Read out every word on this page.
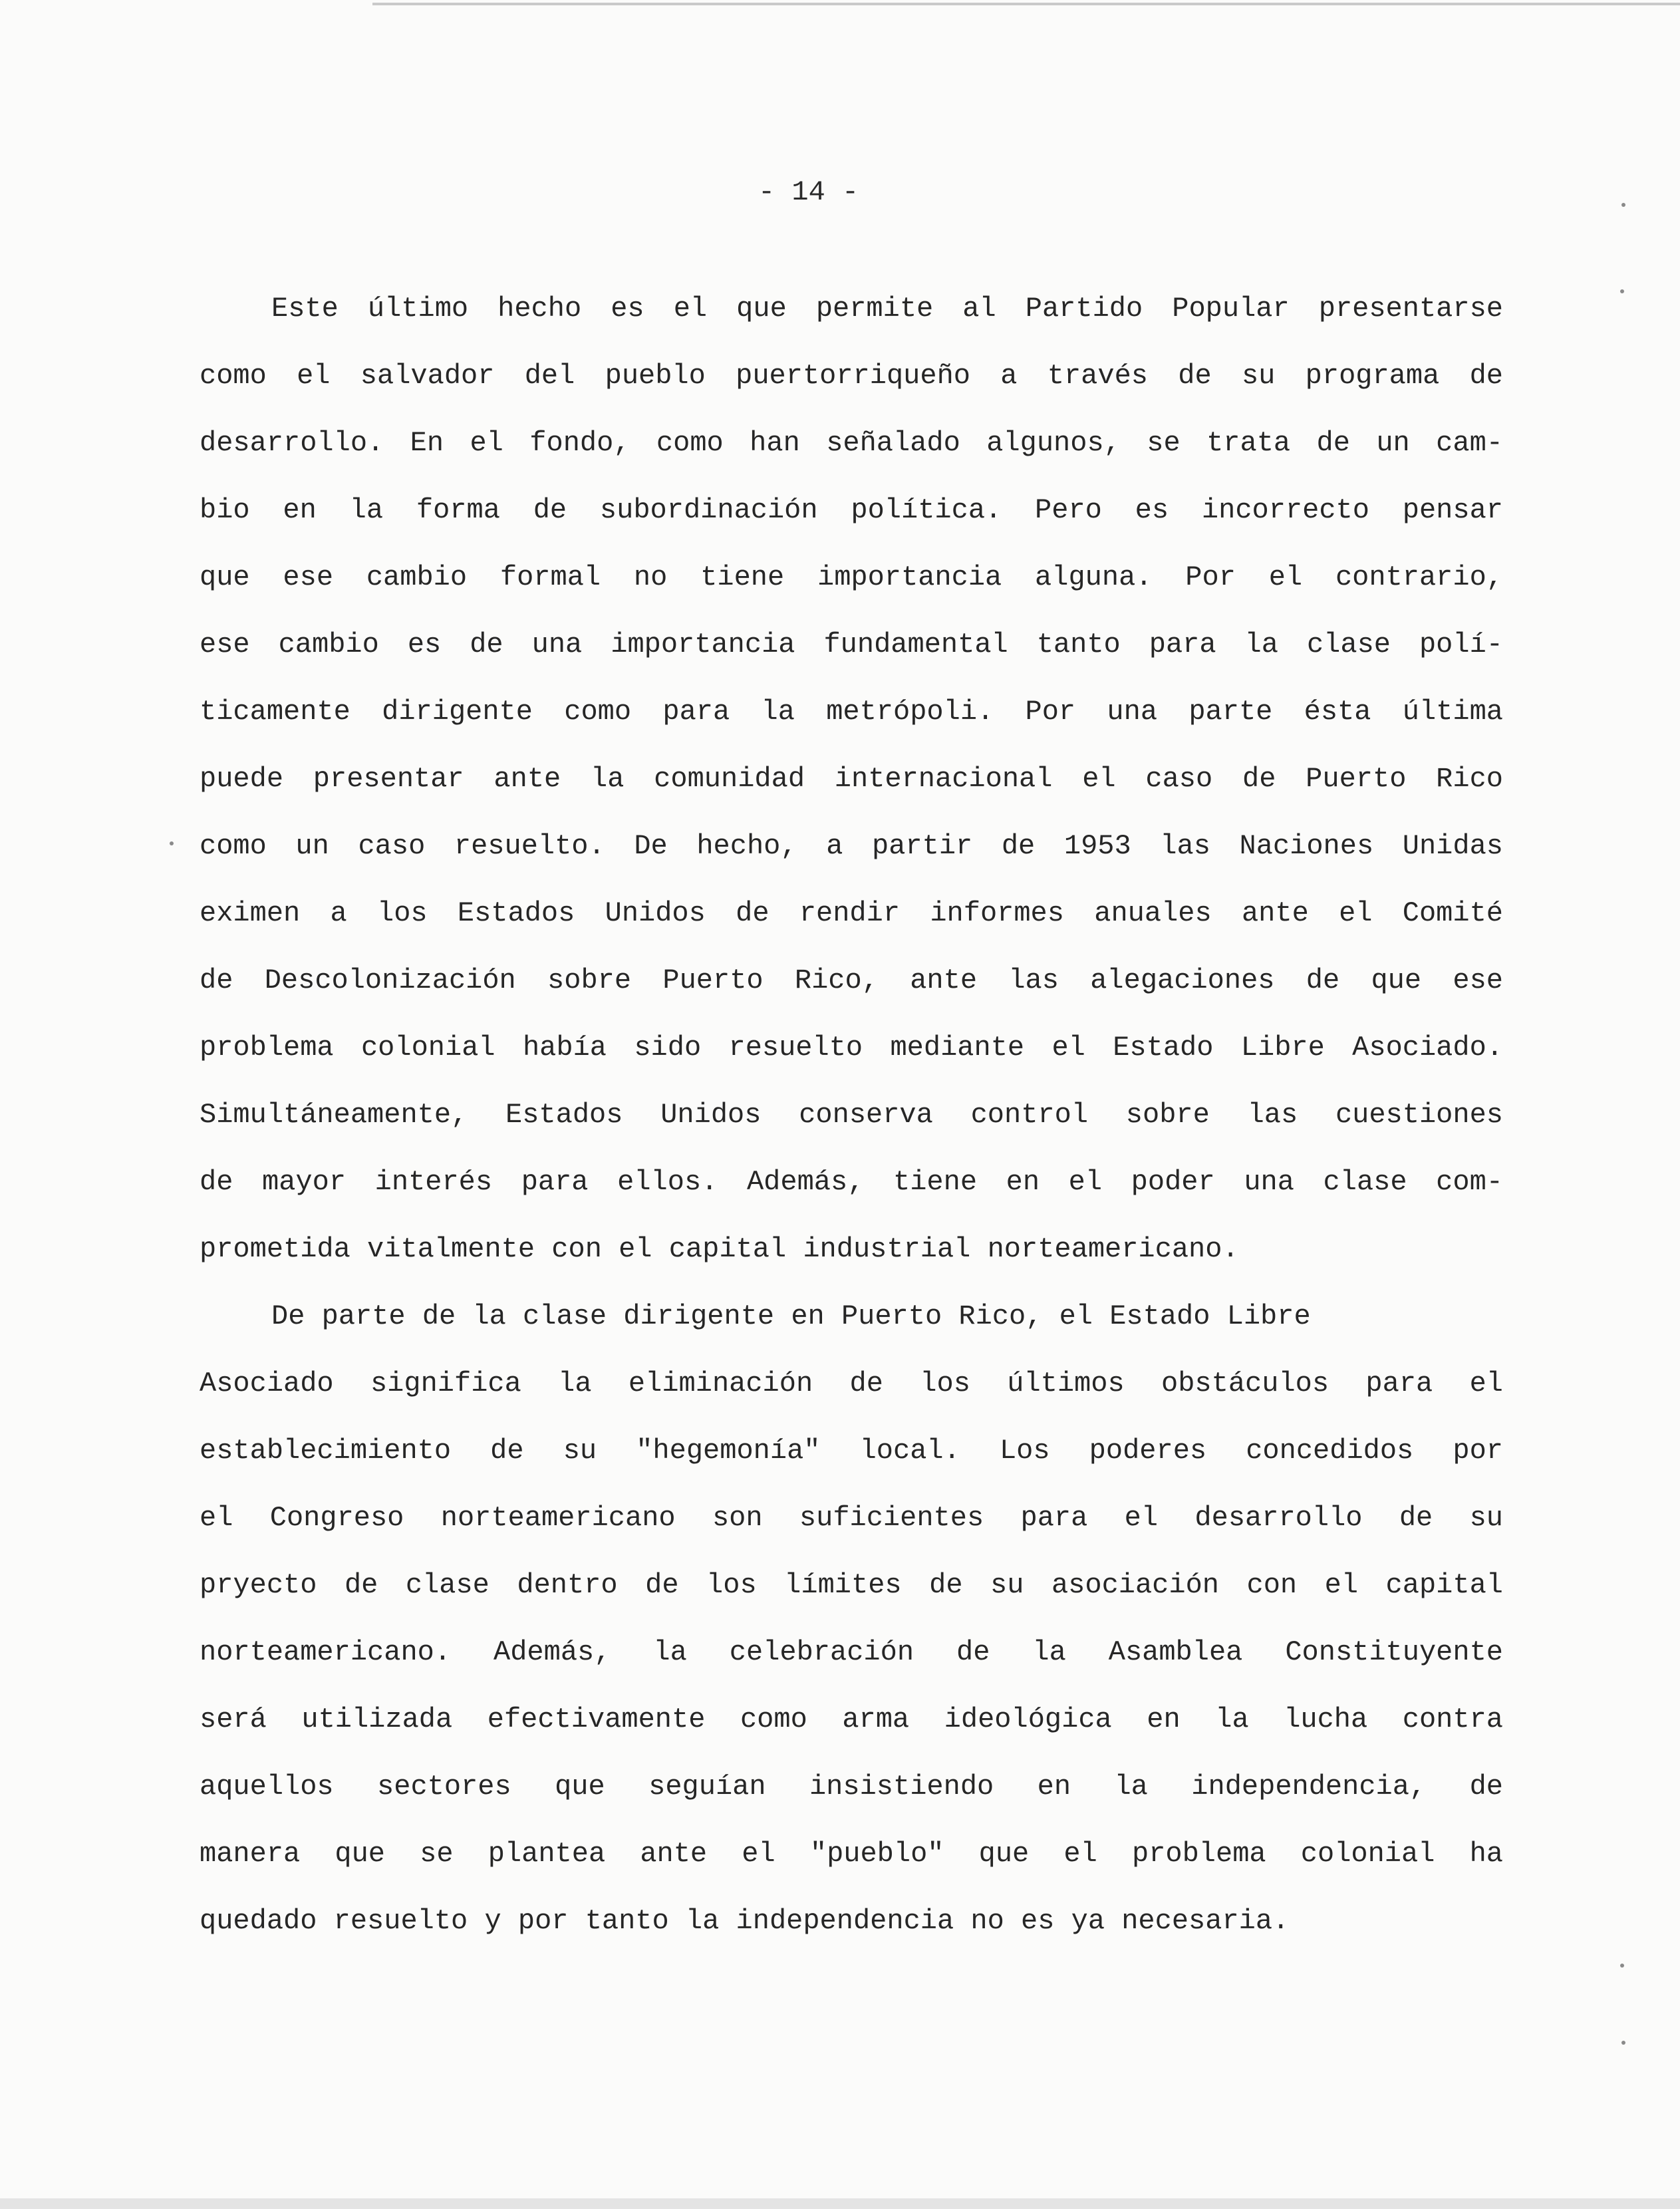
- 14 -
Este último hecho es el que permite al Partido Popular presentarse
como el salvador del pueblo puertorriqueño a través de su programa de
desarrollo. En el fondo, como han señalado algunos, se trata de un cam-
bio en la forma de subordinación política. Pero es incorrecto pensar
que ese cambio formal no tiene importancia alguna. Por el contrario,
ese cambio es de una importancia fundamental tanto para la clase polí-
ticamente dirigente como para la metrópoli. Por una parte ésta última
puede presentar ante la comunidad internacional el caso de Puerto Rico
como un caso resuelto. De hecho, a partir de 1953 las Naciones Unidas
eximen a los Estados Unidos de rendir informes anuales ante el Comité
de Descolonización sobre Puerto Rico, ante las alegaciones de que ese
problema colonial había sido resuelto mediante el Estado Libre Asociado.
Simultáneamente, Estados Unidos conserva control sobre las cuestiones
de mayor interés para ellos. Además, tiene en el poder una clase com-
prometida vitalmente con el capital industrial norteamericano.
De parte de la clase dirigente en Puerto Rico, el Estado Libre
Asociado significa la eliminación de los últimos obstáculos para el
establecimiento de su "hegemonía" local. Los poderes concedidos por
el Congreso norteamericano son suficientes para el desarrollo de su
pryecto de clase dentro de los límites de su asociación con el capital
norteamericano. Además, la celebración de la Asamblea Constituyente
será utilizada efectivamente como arma ideológica en la lucha contra
aquellos sectores que seguían insistiendo en la independencia, de
manera que se plantea ante el "pueblo" que el problema colonial ha
quedado resuelto y por tanto la independencia no es ya necesaria.
